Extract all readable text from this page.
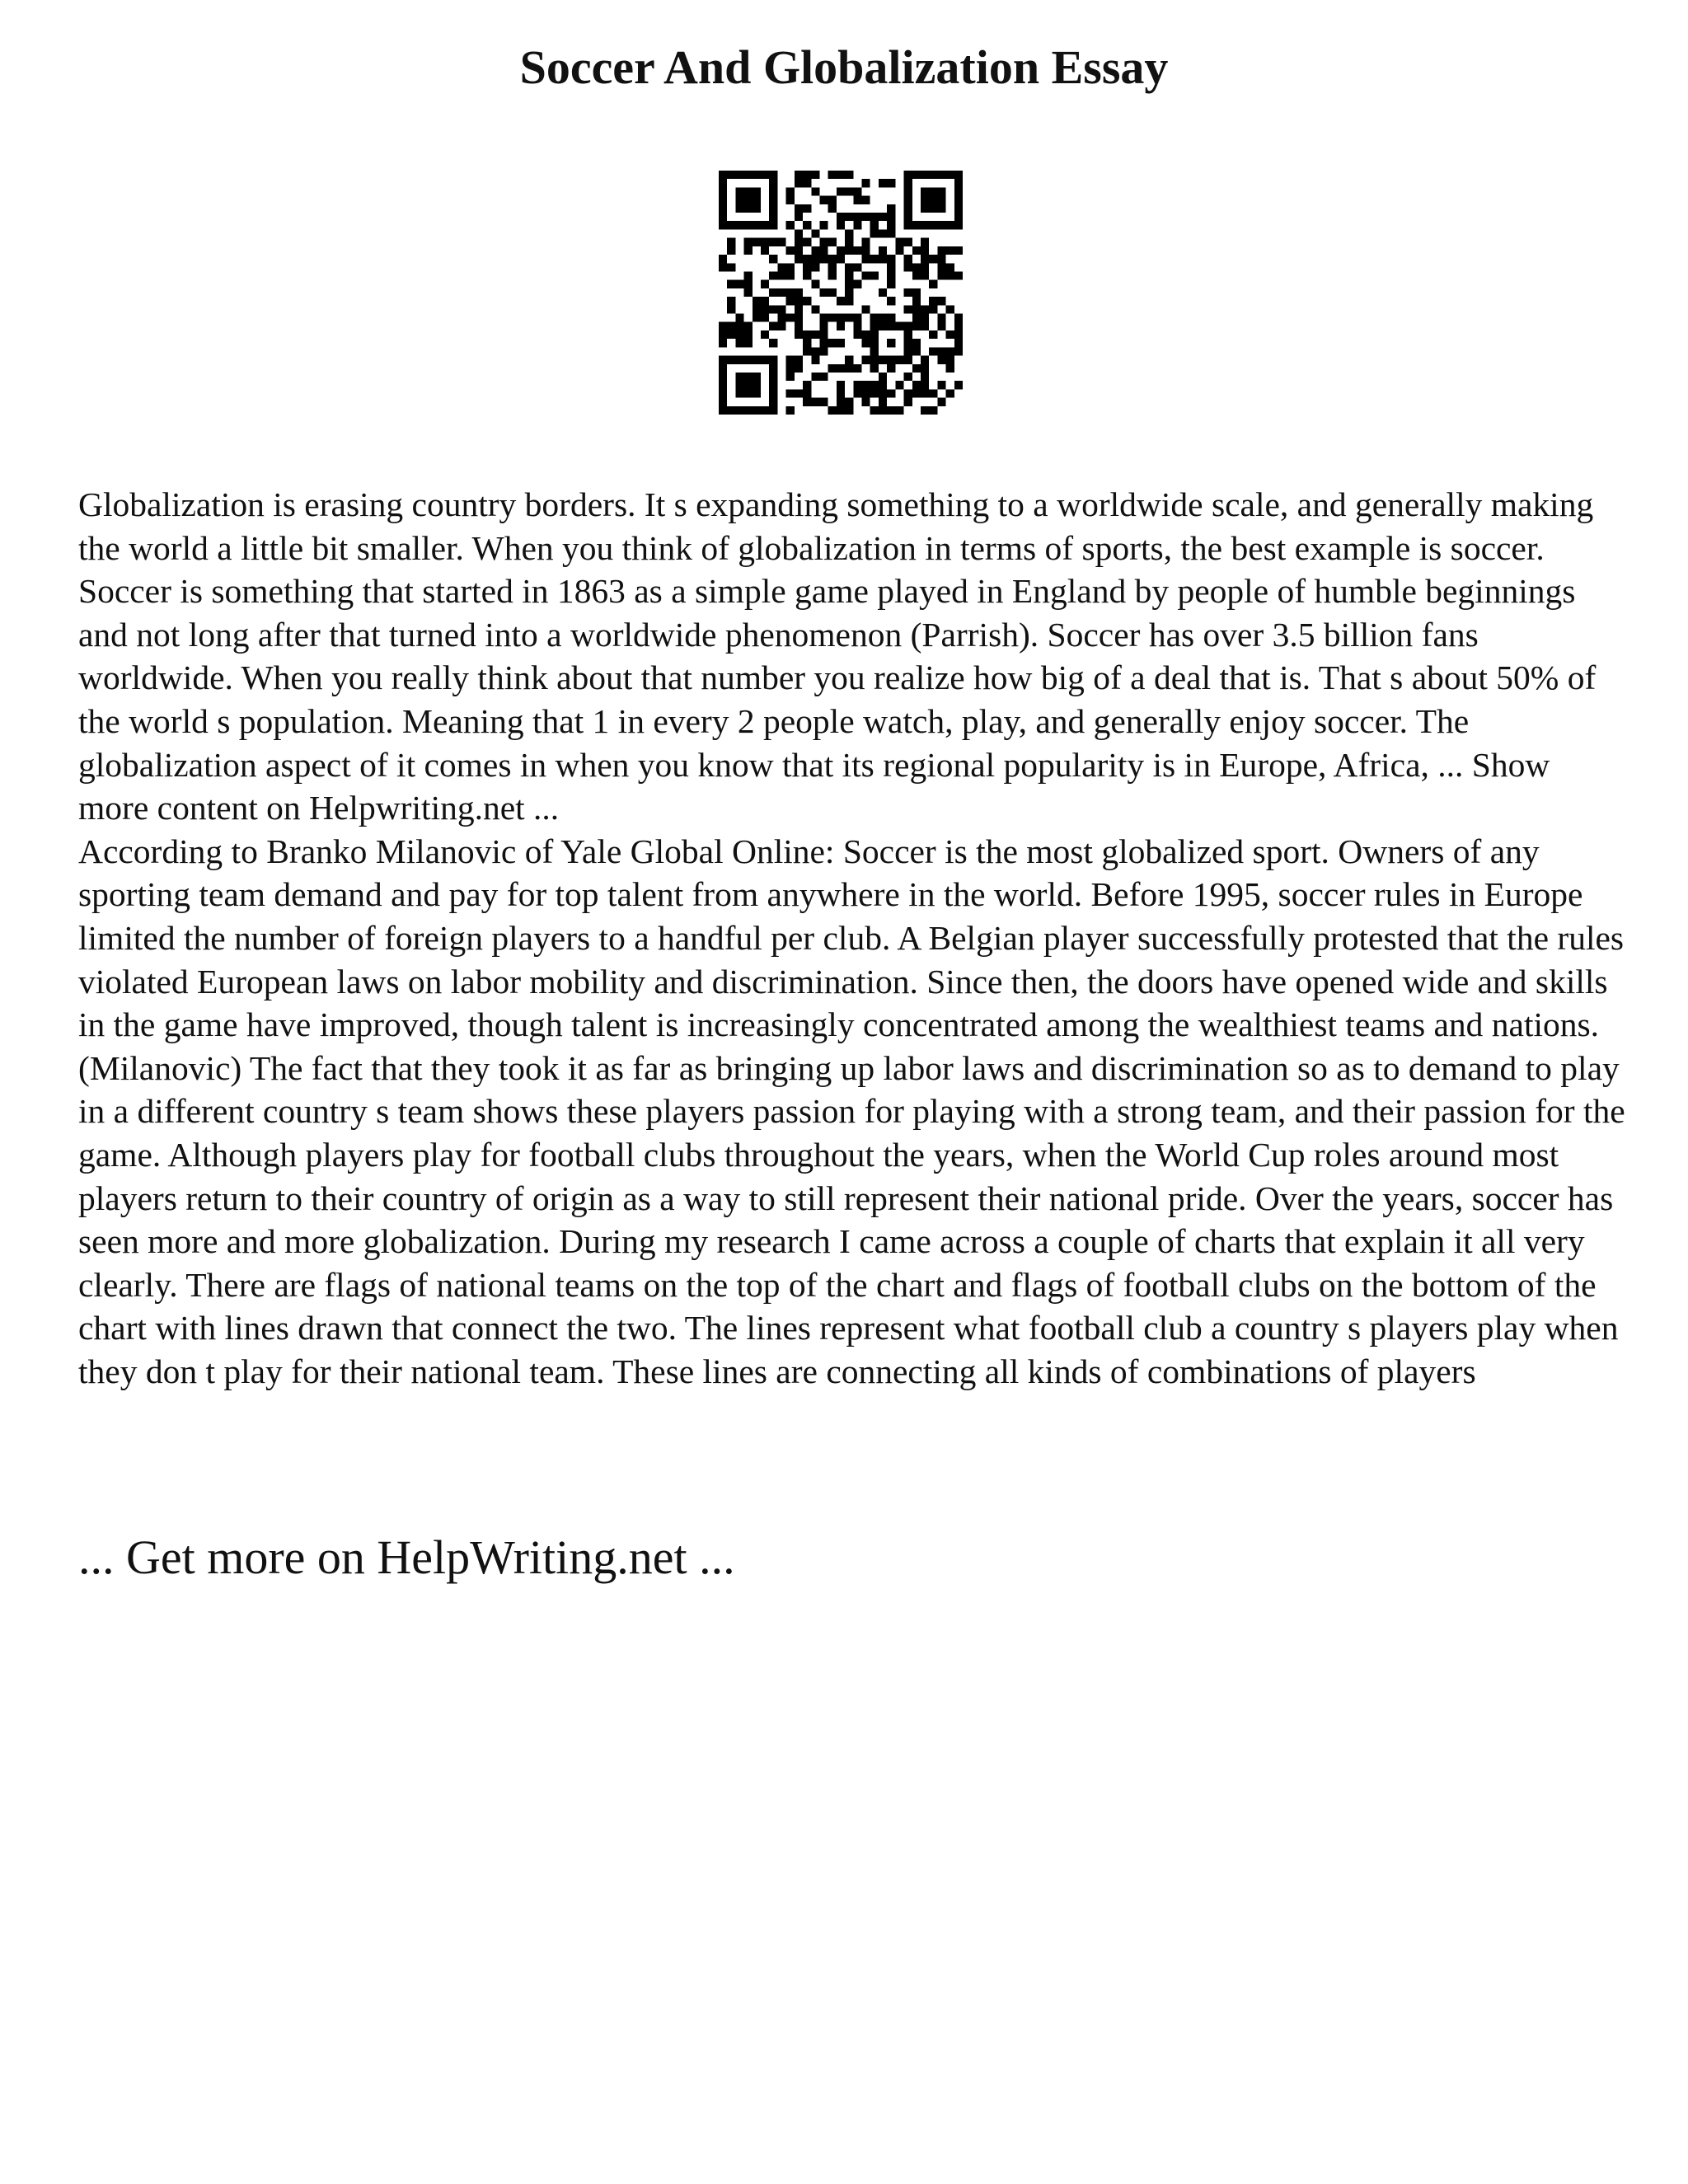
Soccer And Globalization Essay

Globalization is erasing country borders. It s expanding something to a worldwide scale, and generally making the world a little bit smaller. When you think of globalization in terms of sports, the best example is soccer. Soccer is something that started in 1863 as a simple game played in England by people of humble beginnings and not long after that turned into a worldwide phenomenon (Parrish). Soccer has over 3.5 billion fans worldwide. When you really think about that number you realize how big of a deal that is. That s about 50% of the world s population. Meaning that 1 in every 2 people watch, play, and generally enjoy soccer. The globalization aspect of it comes in when you know that its regional popularity is in Europe, Africa, ... Show more content on Helpwriting.net ...

According to Branko Milanovic of Yale Global Online: Soccer is the most globalized sport. Owners of any sporting team demand and pay for top talent from anywhere in the world. Before 1995, soccer rules in Europe limited the number of foreign players to a handful per club. A Belgian player successfully protested that the rules violated European laws on labor mobility and discrimination. Since then, the doors have opened wide and skills in the game have improved, though talent is increasingly concentrated among the wealthiest teams and nations. (Milanovic) The fact that they took it as far as bringing up labor laws and discrimination so as to demand to play in a different country s team shows these players passion for playing with a strong team, and their passion for the game. Although players play for football clubs throughout the years, when the World Cup roles around most players return to their country of origin as a way to still represent their national pride. Over the years, soccer has seen more and more globalization. During my research I came across a couple of charts that explain it all very clearly. There are flags of national teams on the top of the chart and flags of football clubs on the bottom of the chart with lines drawn that connect the two. The lines represent what football club a country s players play when they don t play for their national team. These lines are connecting all kinds of combinations of players

... Get more on HelpWriting.net ...
